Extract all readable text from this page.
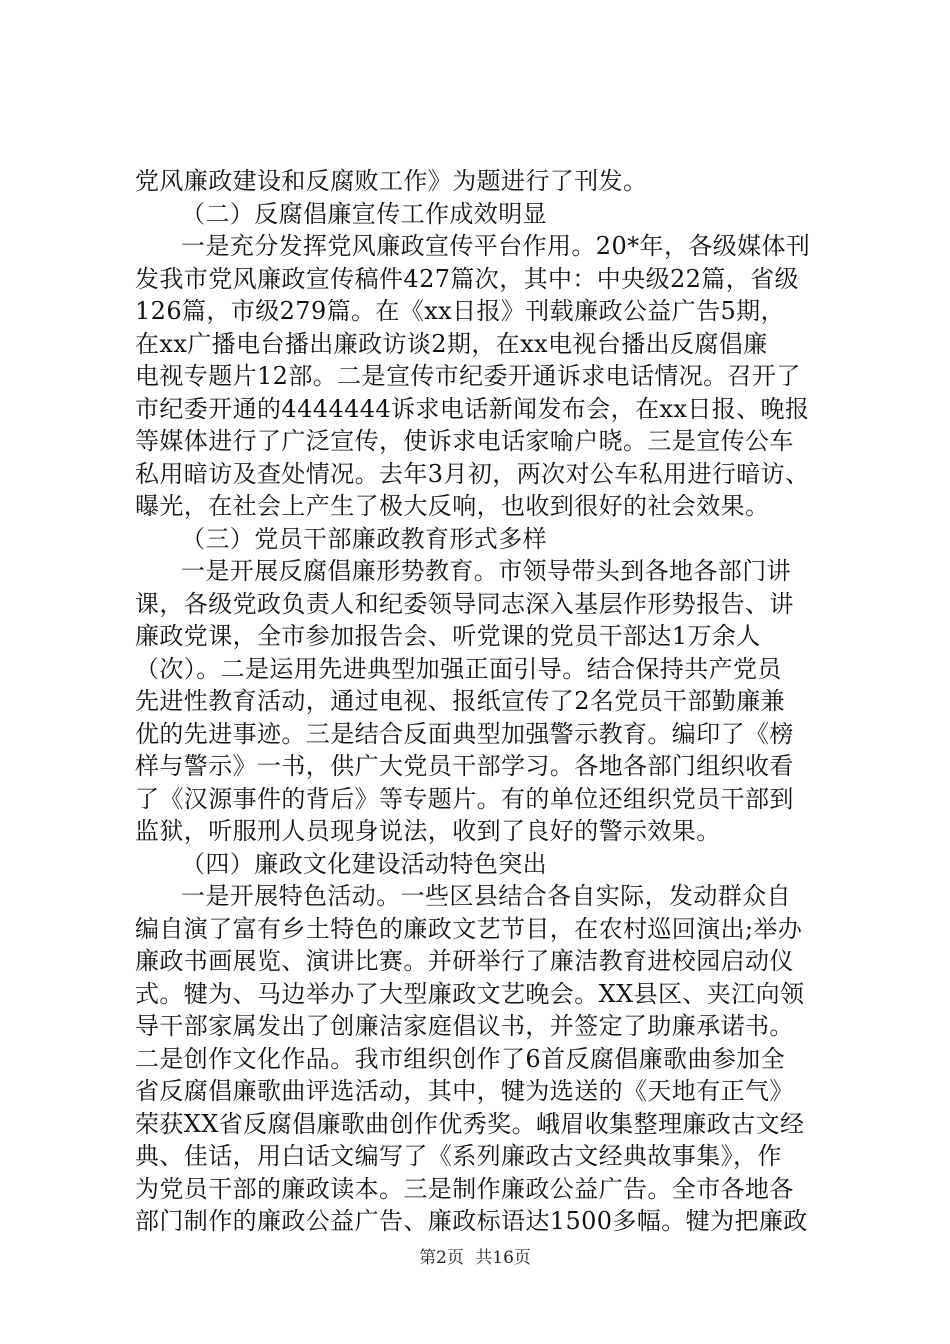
党风廉政建设和反腐败工作》为题进行了刊发。
（二）反腐倡廉宣传工作成效明显
一是充分发挥党风廉政宣传平台作用。20*年，各级媒体刊
发我市党风廉政宣传稿件427篇次，其中：中央级22篇，省级
126篇，市级279篇。在《xx日报》刊载廉政公益广告5期，
在xx广播电台播出廉政访谈2期，在xx电视台播出反腐倡廉
电视专题片12部。二是宣传市纪委开通诉求电话情况。召开了
市纪委开通的4444444诉求电话新闻发布会，在xx日报、晚报
等媒体进行了广泛宣传，使诉求电话家喻户晓。三是宣传公车
私用暗访及查处情况。去年3月初，两次对公车私用进行暗访、
曝光，在社会上产生了极大反响，也收到很好的社会效果。
（三）党员干部廉政教育形式多样
一是开展反腐倡廉形势教育。市领导带头到各地各部门讲
课，各级党政负责人和纪委领导同志深入基层作形势报告、讲
廉政党课，全市参加报告会、听党课的党员干部达1万余人
（次）。二是运用先进典型加强正面引导。结合保持共产党员
先进性教育活动，通过电视、报纸宣传了2名党员干部勤廉兼
优的先进事迹。三是结合反面典型加强警示教育。编印了《榜
样与警示》一书，供广大党员干部学习。各地各部门组织收看
了《汉源事件的背后》等专题片。有的单位还组织党员干部到
监狱，听服刑人员现身说法，收到了良好的警示效果。
（四）廉政文化建设活动特色突出
一是开展特色活动。一些区县结合各自实际，发动群众自
编自演了富有乡土特色的廉政文艺节目，在农村巡回演出;举办
廉政书画展览、演讲比赛。并研举行了廉洁教育进校园启动仪
式。犍为、马边举办了大型廉政文艺晚会。XX县区、夹江向领
导干部家属发出了创廉洁家庭倡议书，并签定了助廉承诺书。
二是创作文化作品。我市组织创作了6首反腐倡廉歌曲参加全
省反腐倡廉歌曲评选活动，其中，犍为选送的《天地有正气》
荣获XX省反腐倡廉歌曲创作优秀奖。峨眉收集整理廉政古文经
典、佳话，用白话文编写了《系列廉政古文经典故事集》，作
为党员干部的廉政读本。三是制作廉政公益广告。全市各地各
部门制作的廉政公益广告、廉政标语达1500多幅。犍为把廉政
第2页 共16页
